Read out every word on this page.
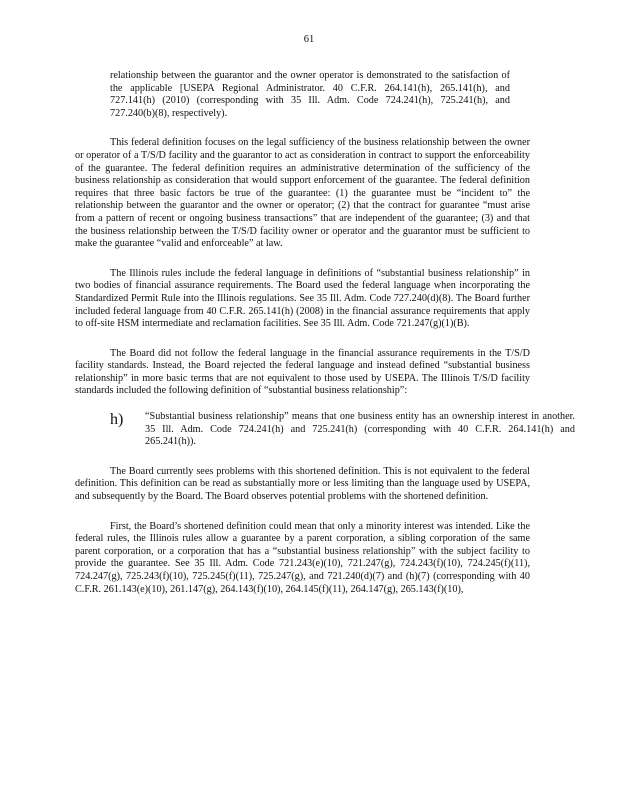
61

relationship between the guarantor and the owner operator is demonstrated to the satisfaction of the applicable [USEPA Regional Administrator. 40 C.F.R. 264.141(h), 265.141(h), and 727.141(h) (2010) (corresponding with 35 Ill. Adm. Code 724.241(h), 725.241(h), and 727.240(b)(8), respectively).

This federal definition focuses on the legal sufficiency of the business relationship between the owner or operator of a T/S/D facility and the guarantor to act as consideration in contract to support the enforceability of the guarantee. The federal definition requires an administrative determination of the sufficiency of the business relationship as consideration that would support enforcement of the guarantee. The federal definition requires that three basic factors be true of the guarantee: (1) the guarantee must be “incident to” the relationship between the guarantor and the owner or operator; (2) that the contract for guarantee “must arise from a pattern of recent or ongoing business transactions” that are independent of the guarantee; (3) and that the business relationship between the T/S/D facility owner or operator and the guarantor must be sufficient to make the guarantee “valid and enforceable” at law.

The Illinois rules include the federal language in definitions of “substantial business relationship” in two bodies of financial assurance requirements. The Board used the federal language when incorporating the Standardized Permit Rule into the Illinois regulations. See 35 Ill. Adm. Code 727.240(d)(8). The Board further included federal language from 40 C.F.R. 265.141(h) (2008) in the financial assurance requirements that apply to off-site HSM intermediate and reclamation facilities. See 35 Ill. Adm. Code 721.247(g)(1)(B).

The Board did not follow the federal language in the financial assurance requirements in the T/S/D facility standards. Instead, the Board rejected the federal language and instead defined “substantial business relationship” in more basic terms that are not equivalent to those used by USEPA. The Illinois T/S/D facility standards included the following definition of “substantial business relationship”:

h) “Substantial business relationship” means that one business entity has an ownership interest in another. 35 Ill. Adm. Code 724.241(h) and 725.241(h) (corresponding with 40 C.F.R. 264.141(h) and 265.241(h)).

The Board currently sees problems with this shortened definition. This is not equivalent to the federal definition. This definition can be read as substantially more or less limiting than the language used by USEPA, and subsequently by the Board. The Board observes potential problems with the shortened definition.

First, the Board’s shortened definition could mean that only a minority interest was intended. Like the federal rules, the Illinois rules allow a guarantee by a parent corporation, a sibling corporation of the same parent corporation, or a corporation that has a “substantial business relationship” with the subject facility to provide the guarantee. See 35 Ill. Adm. Code 721.243(e)(10), 721.247(g), 724.243(f)(10), 724.245(f)(11), 724.247(g), 725.243(f)(10), 725.245(f)(11), 725.247(g), and 721.240(d)(7) and (h)(7) (corresponding with 40 C.F.R. 261.143(e)(10), 261.147(g), 264.143(f)(10), 264.145(f)(11), 264.147(g), 265.143(f)(10),
